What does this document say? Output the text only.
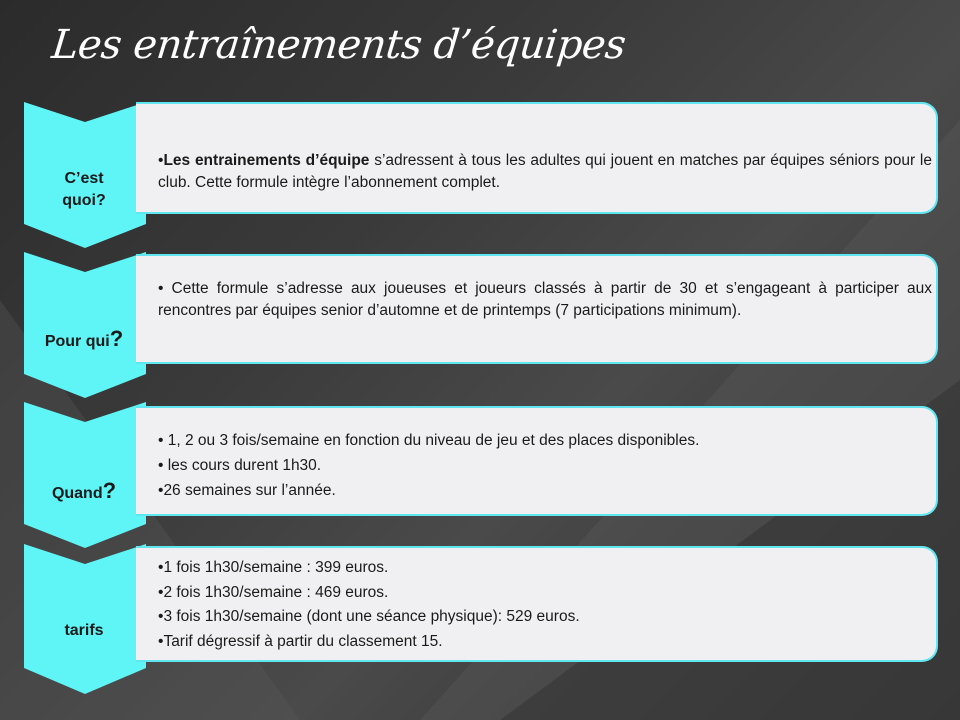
Les entraînements d’équipes
C’est
quoi?

•Les entrainements d’équipe s’adressent à tous les adultes qui jouent en matches par équipes séniors pour le club. Cette formule intègre l’abonnement complet.

Pour qui?

• Cette formule s’adresse aux joueuses et joueurs classés à partir de 30 et s’engageant à participer aux rencontres par équipes senior d’automne et de printemps (7 participations minimum).

Quand?

• 1, 2 ou 3 fois/semaine en fonction du niveau de jeu et des places disponibles.

• les cours durent 1h30.

•26 semaines sur l’année.

tarifs

•1 fois 1h30/semaine : 399 euros.

•2 fois 1h30/semaine : 469 euros.

•3 fois 1h30/semaine (dont une séance physique): 529 euros.

•Tarif dégressif à partir du classement 15.
